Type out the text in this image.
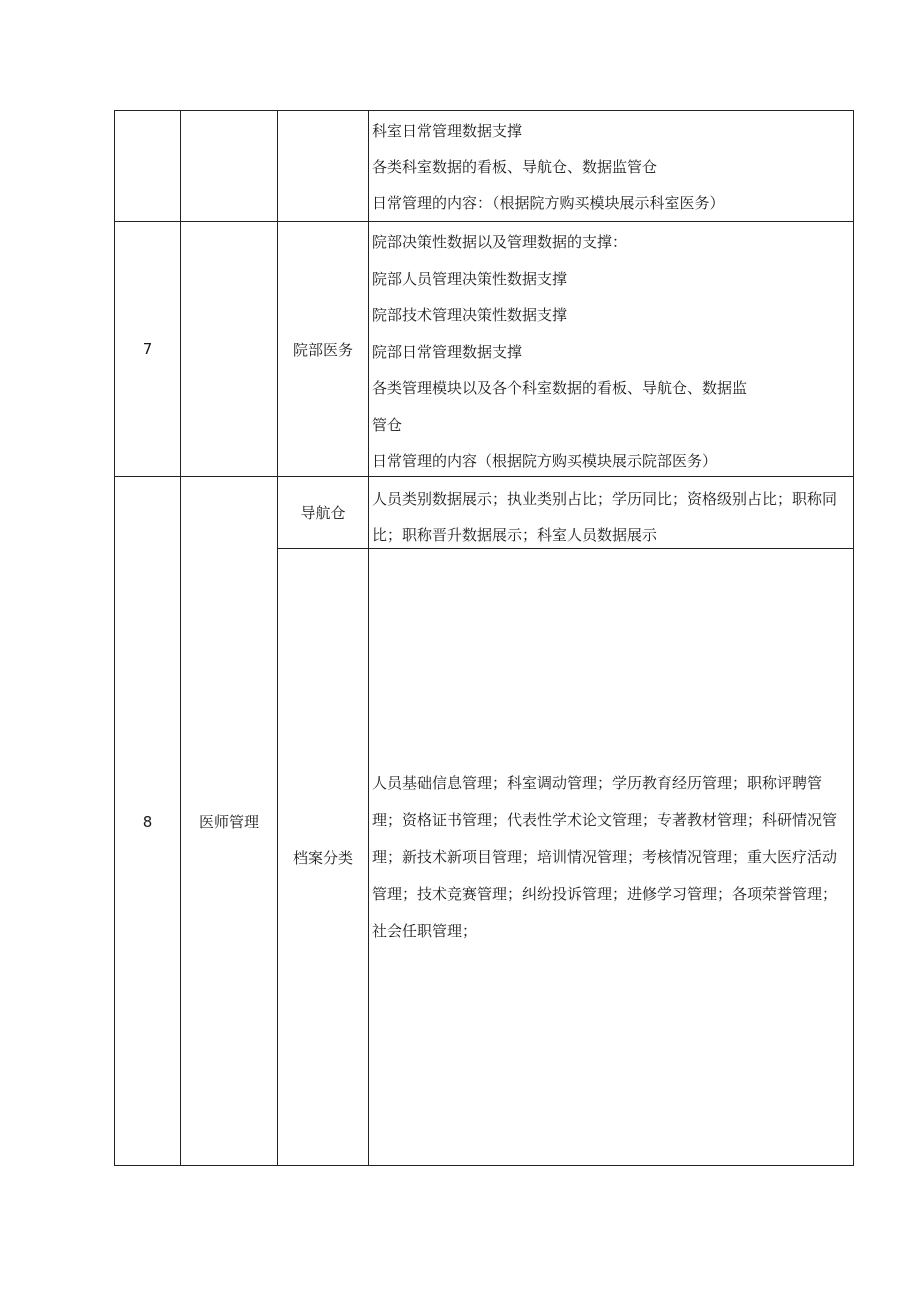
科室日常管理数据支撑
各类科室数据的看板、导航仓、数据监管仓
日常管理的内容：（根据院方购买模块展示科室医务）
7	院部医务
院部决策性数据以及管理数据的支撑：
院部人员管理决策性数据支撑
院部技术管理决策性数据支撑
院部日常管理数据支撑
各类管理模块以及各个科室数据的看板、导航仓、数据监
管仓
日常管理的内容（根据院方购买模块展示院部医务）
8	医师管理
导航仓
人员类别数据展示；执业类别占比；学历同比；资格级别占比；职称同比；职称晋升数据展示；科室人员数据展示
档案分类
人员基础信息管理；科室调动管理；学历教育经历管理；职称评聘管理；资格证书管理；代表性学术论文管理；专著教材管理；科研情况管理；新技术新项目管理；培训情况管理；考核情况管理；重大医疗活动管理；技术竞赛管理；纠纷投诉管理；进修学习管理；各项荣誉管理；社会任职管理；
